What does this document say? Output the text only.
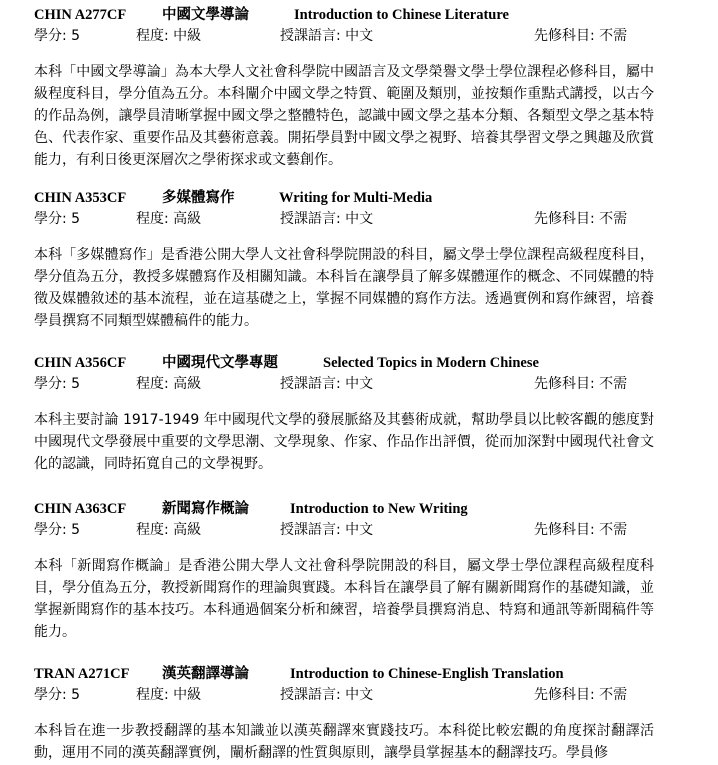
CHIN A277CF 中國文學導論	Introduction to Chinese Literature
學分: 5	程度: 中級	授課語言: 中文	先修科目: 不需
本科「中國文學導論」為本大學人文社會科學院中國語言及文學榮譽文學士學位課程必修科目，屬中級程度科目，學分值為五分。本科闡介中國文學之特質、範圍及類別，並按類作重點式講授，以古今的作品為例，讓學員清晰掌握中國文學之整體特色，認識中國文學之基本分類、各類型文學之基本特色、代表作家、重要作品及其藝術意義。開拓學員對中國文學之視野、培養其學習文學之興趣及欣賞能力，有利日後更深層次之學術探求或文藝創作。
CHIN A353CF 多媒體寫作	Writing for Multi-Media
學分: 5	程度: 高級	授課語言: 中文	先修科目: 不需
本科「多媒體寫作」是香港公開大學人文社會科學院開設的科目，屬文學士學位課程高級程度科目，學分值為五分，教授多媒體寫作及相關知識。本科旨在讓學員了解多媒體運作的概念、不同媒體的特徵及媒體敘述的基本流程，並在這基礎之上，掌握不同媒體的寫作方法。透過實例和寫作練習，培養學員撰寫不同類型媒體稿件的能力。
CHIN A356CF 中國現代文學專題	Selected Topics in Modern Chinese
學分: 5	程度: 高級	授課語言: 中文	先修科目: 不需
本科主要討論 1917-1949 年中國現代文學的發展脈絡及其藝術成就，幫助學員以比較客觀的態度對中國現代文學發展中重要的文學思潮、文學現象、作家、作品作出評價，從而加深對中國現代社會文化的認識，同時拓寬自己的文學視野。
CHIN A363CF 新聞寫作概論	Introduction to New Writing
學分: 5	程度: 高級	授課語言: 中文	先修科目: 不需
本科「新聞寫作概論」是香港公開大學人文社會科學院開設的科目，屬文學士學位課程高級程度科目，學分值為五分，教授新聞寫作的理論與實踐。本科旨在讓學員了解有關新聞寫作的基礎知識，並掌握新聞寫作的基本技巧。本科通過個案分析和練習，培養學員撰寫消息、特寫和通訊等新聞稿件等能力。
TRAN A271CF 漢英翻譯導論	Introduction to Chinese-English Translation
學分: 5	程度: 中級	授課語言: 中文	先修科目: 不需
本科旨在進一步教授翻譯的基本知識並以漢英翻譯來實踐技巧。本科從比較宏觀的角度探討翻譯活動，運用不同的漢英翻譯實例，闡析翻譯的性質與原則，讓學員掌握基本的翻譯技巧。學員修
